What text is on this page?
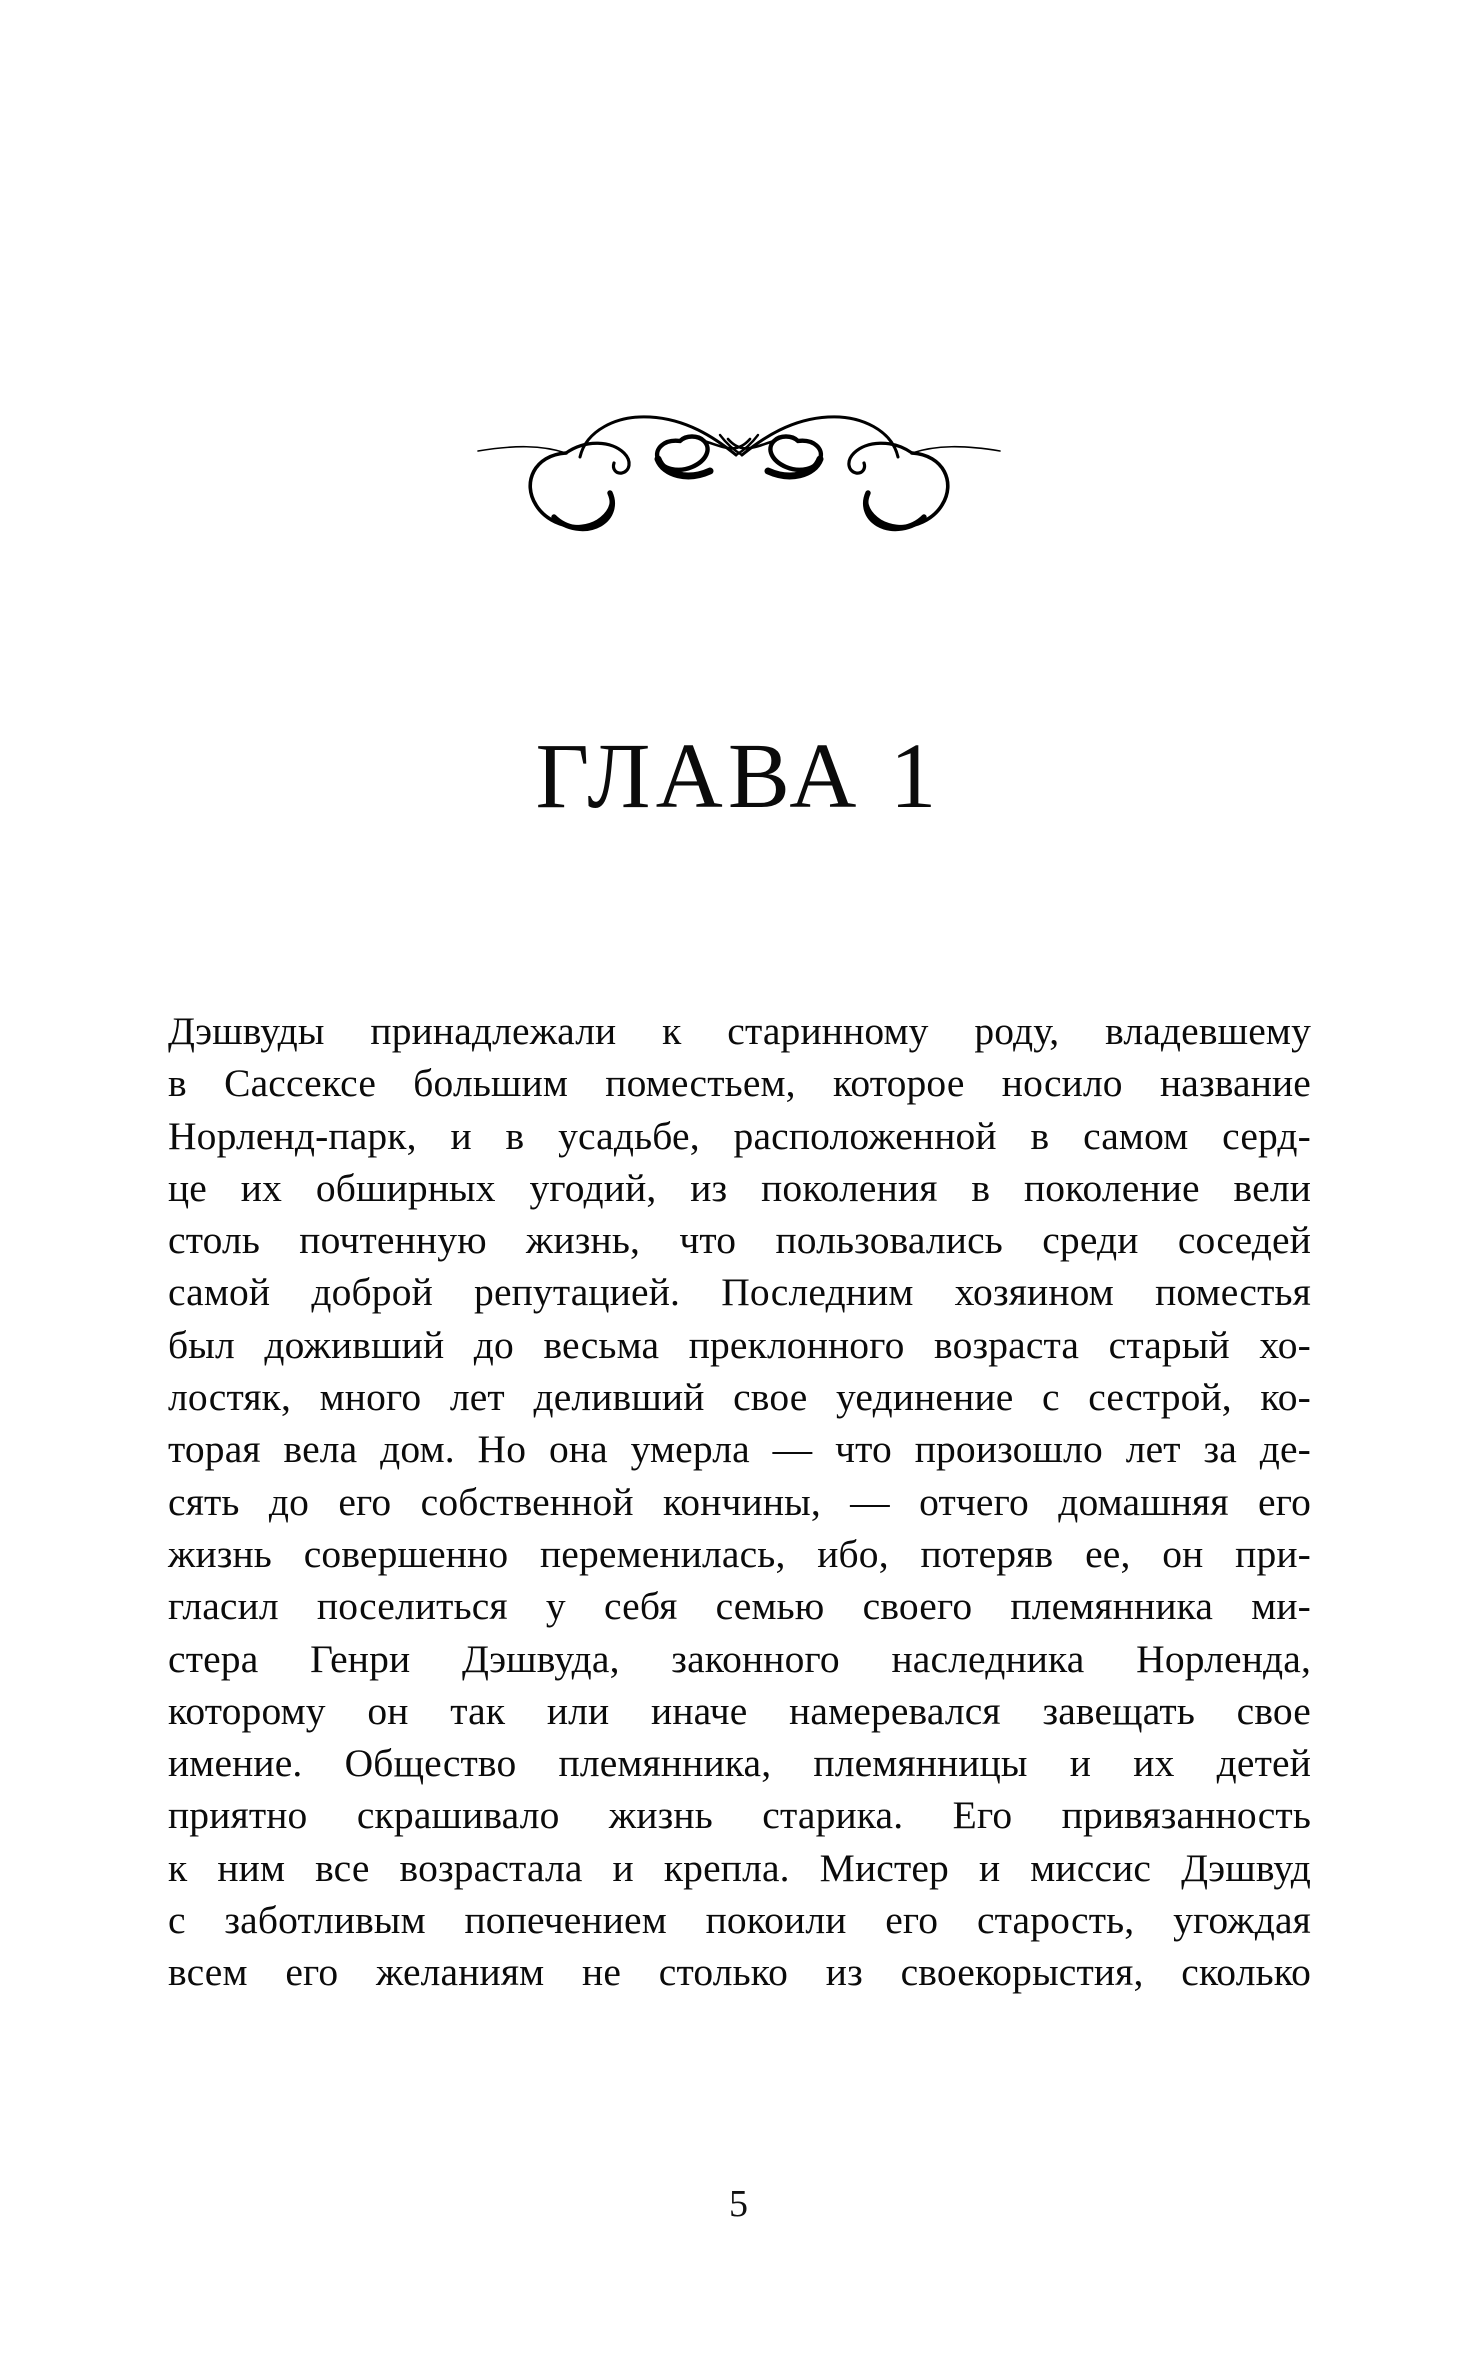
ГЛАВА 1

Дэшвуды принадлежали к старинному роду, владевшему
в Сассексе большим поместьем, которое носило название
Норленд-парк, и в усадьбе, расположенной в самом серд-
це их обширных угодий, из поколения в поколение вели
столь почтенную жизнь, что пользовались среди соседей
самой доброй репутацией. Последним хозяином поместья
был доживший до весьма преклонного возраста старый хо-
лостяк, много лет деливший свое уединение с сестрой, ко-
торая вела дом. Но она умерла — что произошло лет за де-
сять до его собственной кончины, — отчего домашняя его
жизнь совершенно переменилась, ибо, потеряв ее, он при-
гласил поселиться у себя семью своего племянника ми-
стера Генри Дэшвуда, законного наследника Норленда,
которому он так или иначе намеревался завещать свое
имение. Общество племянника, племянницы и их детей
приятно скрашивало жизнь старика. Его привязанность
к ним все возрастала и крепла. Мистер и миссис Дэшвуд
с заботливым попечением покоили его старость, угождая
всем его желаниям не столько из своекорыстия, сколько

5
